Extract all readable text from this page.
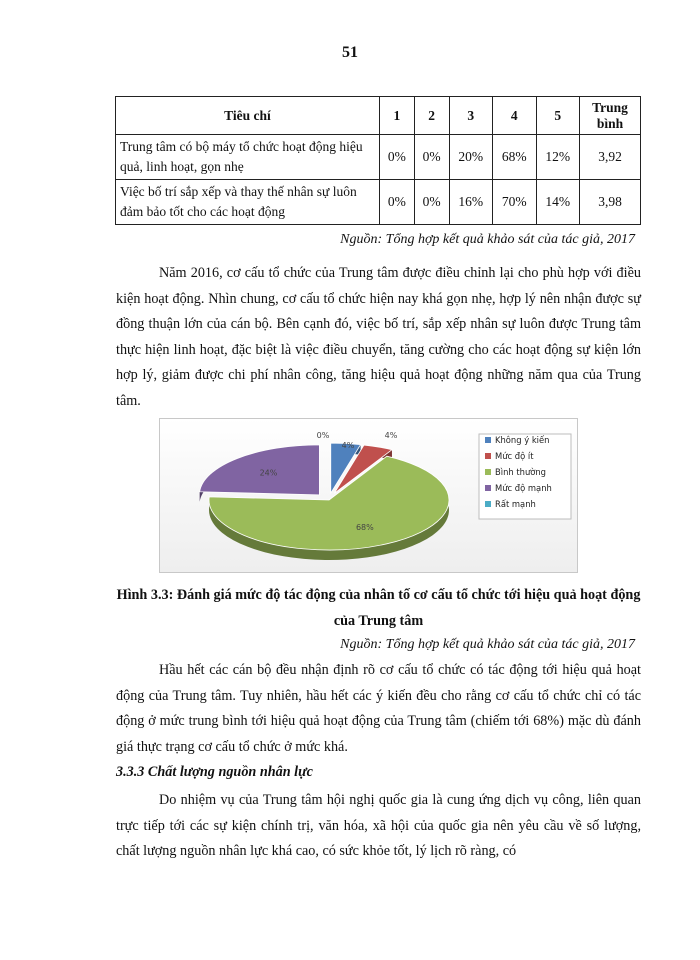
51
Tiêu chí	1	2	3	4	5	Trung bình
Trung tâm có bộ máy tổ chức hoạt động hiệu quả, linh hoạt, gọn nhẹ	0%	0%	20%	68%	12%	3,92
Việc bố trí sắp xếp và thay thế nhân sự luôn đảm bảo tốt cho các hoạt động	0%	0%	16%	70%	14%	3,98
Nguồn: Tổng hợp kết quả khảo sát của tác giả, 2017
Năm 2016, cơ cấu tổ chức của Trung tâm được điều chỉnh lại cho phù hợp với điều kiện hoạt động. Nhìn chung, cơ cấu tổ chức hiện nay khá gọn nhẹ, hợp lý nên nhận được sự đồng thuận lớn của cán bộ. Bên cạnh đó, việc bố trí, sắp xếp nhân sự luôn được Trung tâm thực hiện linh hoạt, đặc biệt là việc điều chuyển, tăng cường cho các hoạt động sự kiện lớn hợp lý, giảm được chi phí nhân công, tăng hiệu quả hoạt động những năm qua của Trung tâm.
4%
4%
68%
24%
0%	Không ý kiến
Mức độ ít
Bình thường
Mức độ mạnh
Rất mạnh
Hình 3.3: Đánh giá mức độ tác động của nhân tố cơ cấu tổ chức tới hiệu quả hoạt động của Trung tâm
Nguồn: Tổng hợp kết quả khảo sát của tác giả, 2017
Hầu hết các cán bộ đều nhận định rõ cơ cấu tổ chức có tác động tới hiệu quả hoạt động của Trung tâm. Tuy nhiên, hầu hết các ý kiến đều cho rằng cơ cấu tổ chức chỉ có tác động ở mức trung bình tới hiệu quả hoạt động của Trung tâm (chiếm tới 68%) mặc dù đánh giá thực trạng cơ cấu tổ chức ở mức khá.
3.3.3 Chất lượng nguồn nhân lực
Do nhiệm vụ của Trung tâm hội nghị quốc gia là cung ứng dịch vụ công, liên quan trực tiếp tới các sự kiện chính trị, văn hóa, xã hội của quốc gia nên yêu cầu về số lượng, chất lượng nguồn nhân lực khá cao, có sức khỏe tốt, lý lịch rõ ràng, có
